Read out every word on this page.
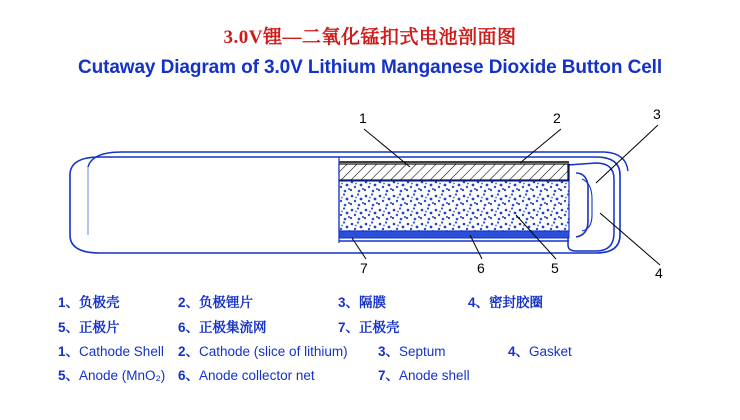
3.0V锂—二氧化锰扣式电池剖面图
Cutaway Diagram of 3.0V Lithium Manganese Dioxide Button Cell
1	2	3
7	6	5	4
1、负极壳	2、负极锂片	3、隔膜	4、密封胶圈
5、正极片	6、正极集流网	7、正极壳
1、Cathode Shell	2、Cathode (slice of lithium)	3、Septum	4、Gasket
5、Anode (MnO₂) 6、Anode collector net	7、Anode shell
